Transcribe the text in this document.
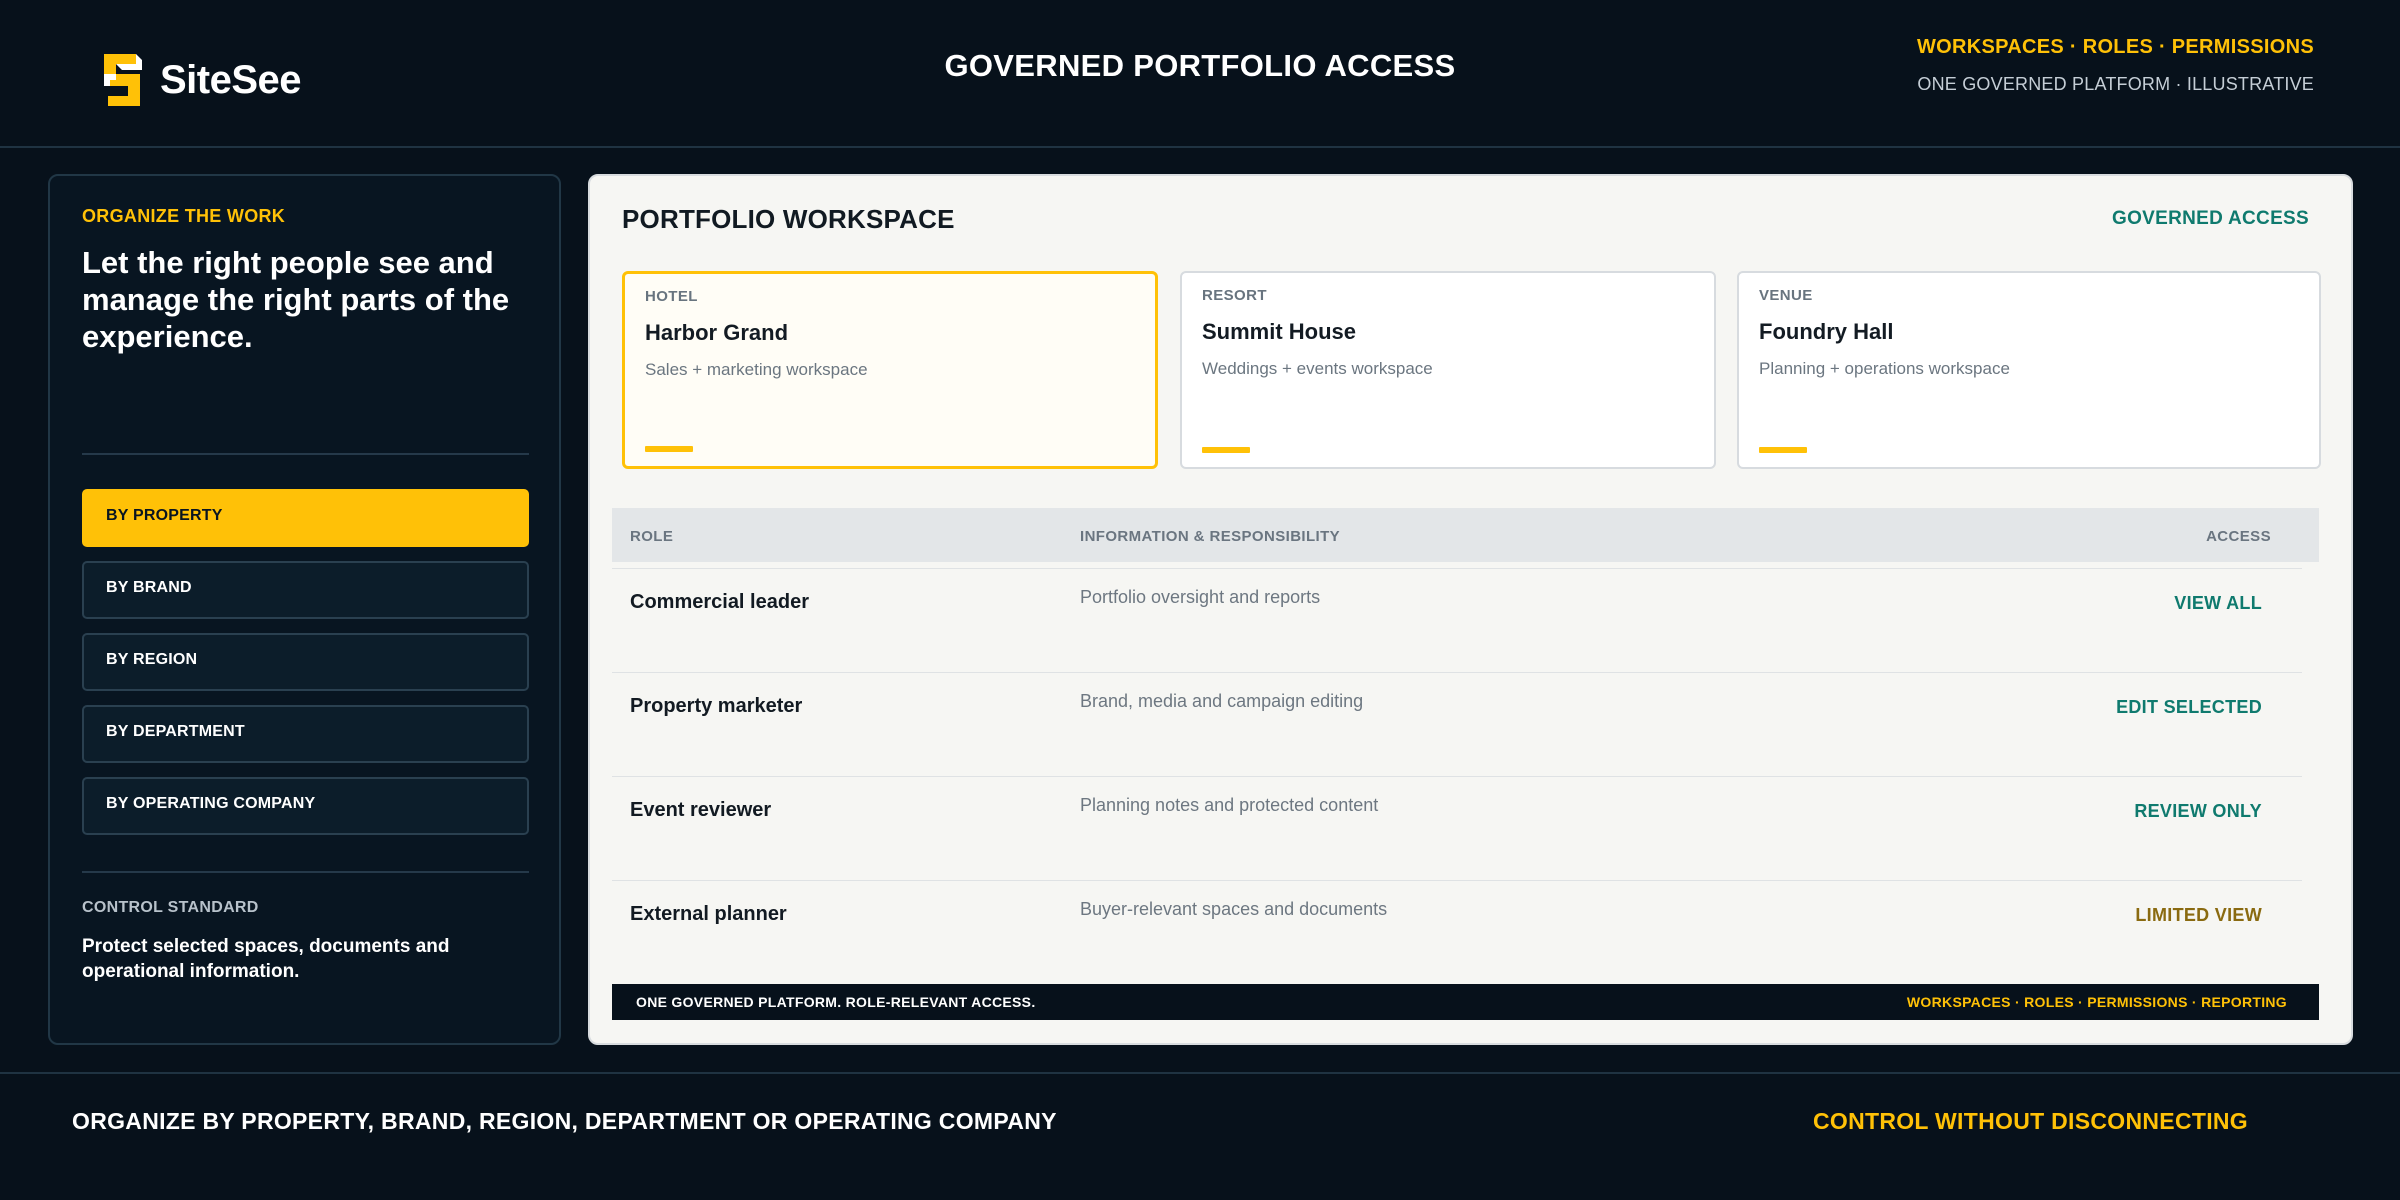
SiteSee	GOVERNED PORTFOLIO ACCESS
WORKSPACES · ROLES · PERMISSIONS
ONE GOVERNED PLATFORM · ILLUSTRATIVE
ORGANIZE THE WORK
Let the right people see and manage the right parts of the experience.
BY PROPERTY
BY BRAND
BY REGION
BY DEPARTMENT
BY OPERATING COMPANY
CONTROL STANDARD
Protect selected spaces, documents and operational information.
PORTFOLIO WORKSPACE	GOVERNED ACCESS
HOTEL
Harbor Grand
Sales + marketing workspace
RESORT
Summit House
Weddings + events workspace
VENUE
Foundry Hall
Planning + operations workspace
ROLE	INFORMATION & RESPONSIBILITY	ACCESS
Commercial leader	Portfolio oversight and reports	VIEW ALL
Property marketer	Brand, media and campaign editing	EDIT SELECTED
Event reviewer	Planning notes and protected content	REVIEW ONLY
External planner	Buyer-relevant spaces and documents	LIMITED VIEW
ONE GOVERNED PLATFORM. ROLE-RELEVANT ACCESS.	WORKSPACES · ROLES · PERMISSIONS · REPORTING
ORGANIZE BY PROPERTY, BRAND, REGION, DEPARTMENT OR OPERATING COMPANY	CONTROL WITHOUT DISCONNECTING
